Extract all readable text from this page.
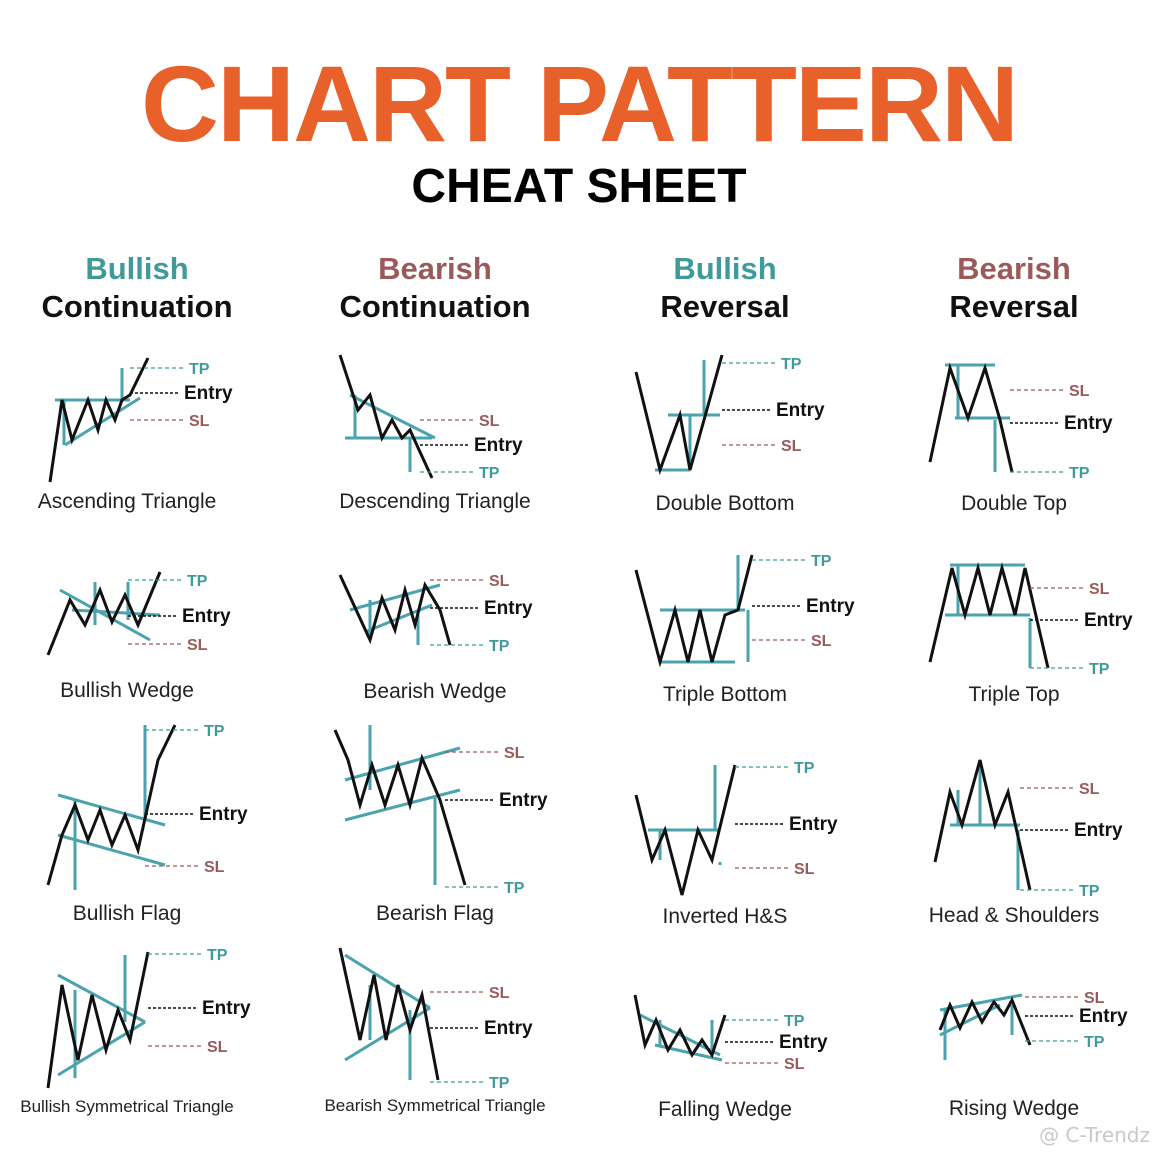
CHART PATTERN
CHEAT SHEET
Bullish
Continuation
Bearish
Continuation
Bullish
Reversal
Bearish
Reversal
TP
Entry
SL
Ascending Triangle
TP
Entry
SL
Bullish Wedge
TP
Entry
SL
Bullish Flag
TP
Entry
SL
Bullish Symmetrical Triangle
SL
Entry
TP
Descending Triangle
SL
Entry
TP
Bearish Wedge
SL
Entry
TP
Bearish Flag
SL
Entry
TP
Bearish Symmetrical Triangle
TP
Entry
SL
Double Bottom
TP
Entry
SL
Triple Bottom
TP
Entry
SL
Inverted H&S
TP
Entry
SL
Falling Wedge
SL
Entry
TP
Double Top
SL
Entry
TP
Triple Top
SL
Entry
TP
Head & Shoulders
SL
Entry
TP
Rising Wedge
@ C-Trendz
